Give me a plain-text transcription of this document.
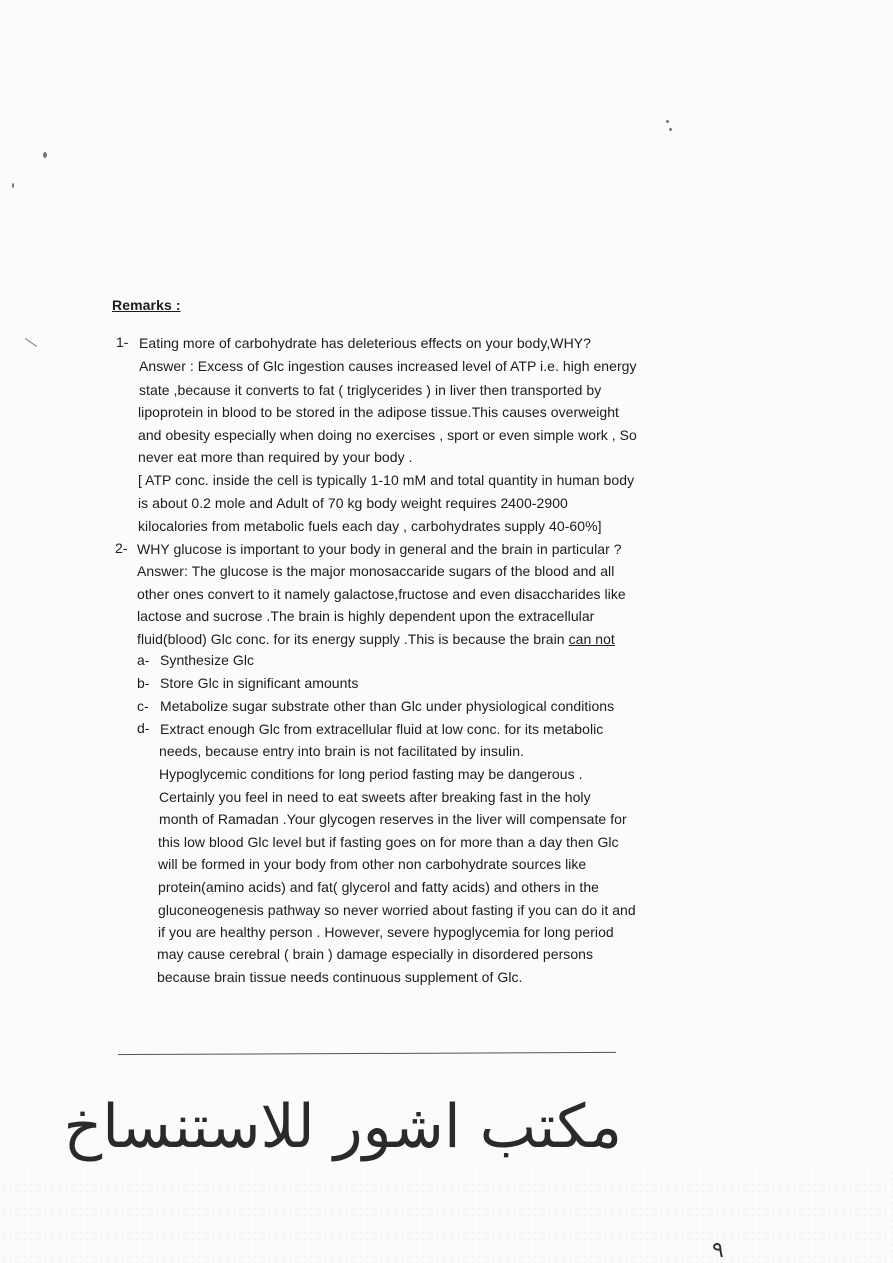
Remarks :
1- Eating more of carbohydrate has deleterious effects on your body,WHY?
Answer : Excess of Glc ingestion causes increased level of ATP i.e. high energy
state ,because it converts to fat ( triglycerides ) in liver then transported by
lipoprotein in blood to be stored in the adipose tissue.This causes overweight
and obesity especially when doing no exercises , sport or even simple work , So
never eat more than required by your body .
[ ATP conc. inside the cell is typically 1-10 mM and total quantity in human body
is about 0.2 mole and Adult of 70 kg body weight requires 2400-2900
kilocalories from metabolic fuels each day , carbohydrates supply 40-60%]
2- WHY glucose is important to your body in general and the brain in particular ?
Answer: The glucose is the major monosaccaride sugars of the blood and all
other ones convert to it namely galactose,fructose and even disaccharides like
lactose and sucrose .The brain is highly dependent upon the extracellular
fluid(blood) Glc conc. for its energy supply .This is because the brain can not
a- Synthesize Glc
b- Store Glc in significant amounts
c- Metabolize sugar substrate other than Glc under physiological conditions
d- Extract enough Glc from extracellular fluid at low conc. for its metabolic
needs, because entry into brain is not facilitated by insulin.
Hypoglycemic conditions for long period fasting may be dangerous .
Certainly you feel in need to eat sweets after breaking fast in the holy
month of Ramadan .Your glycogen reserves in the liver will compensate for
this low blood Glc level but if fasting goes on for more than a day then Glc
will be formed in your body from other non carbohydrate sources like
protein(amino acids) and fat( glycerol and fatty acids) and others in the
gluconeogenesis pathway so never worried about fasting if you can do it and
if you are healthy person . However, severe hypoglycemia for long period
may cause cerebral ( brain ) damage especially in disordered persons
because brain tissue needs continuous supplement of Glc.
مكتب اشور للاستنساخ
٩
